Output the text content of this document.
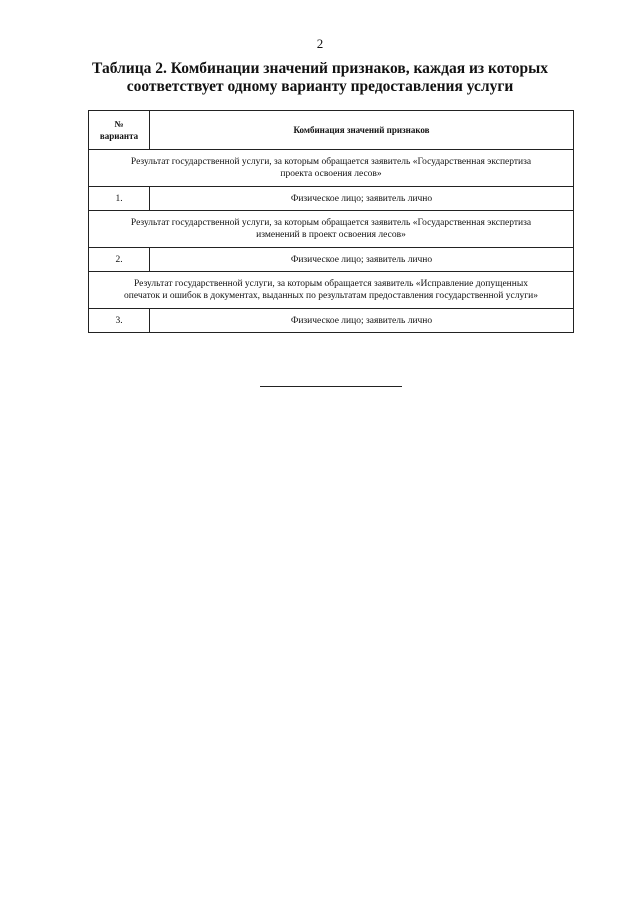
2
Таблица 2. Комбинации значений признаков, каждая из которых
соответствует одному варианту предоставления услуги
№
варианта	Комбинация значений признаков

Результат государственной услуги, за которым обращается заявитель «Государственная экспертиза
проекта освоения лесов»	

1.	Физическое лицо; заявитель лично

Результат государственной услуги, за которым обращается заявитель «Государственная экспертиза
изменений в проект освоения лесов»	

2.	Физическое лицо; заявитель лично

Результат государственной услуги, за которым обращается заявитель «Исправление допущенных
опечаток и ошибок в документах, выданных по результатам предоставления государственной услуги»	

3.	Физическое лицо; заявитель лично
